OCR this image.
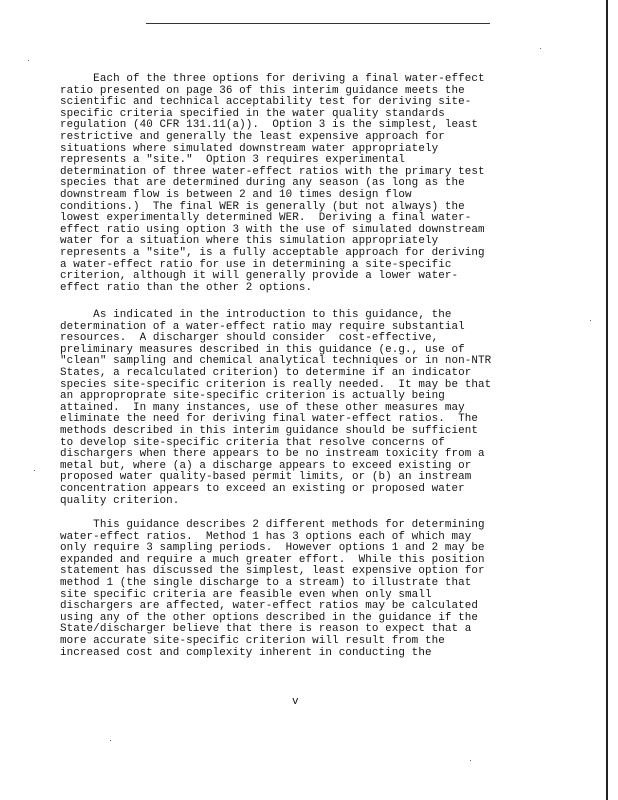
Each of the three options for deriving a final water-effect
ratio presented on page 36 of this interim guidance meets the
scientific and technical acceptability test for deriving site-
specific criteria specified in the water quality standards
regulation (40 CFR 131.11(a)).  Option 3 is the simplest, least
restrictive and generally the least expensive approach for
situations where simulated downstream water appropriately
represents a "site."  Option 3 requires experimental
determination of three water-effect ratios with the primary test
species that are determined during any season (as long as the
downstream flow is between 2 and 10 times design flow
conditions.)  The final WER is generally (but not always) the
lowest experimentally determined WER.  Deriving a final water-
effect ratio using option 3 with the use of simulated downstream
water for a situation where this simulation appropriately
represents a "site", is a fully acceptable approach for deriving
a water-effect ratio for use in determining a site-specific
criterion, although it will generally provide a lower water-
effect ratio than the other 2 options.
As indicated in the introduction to this guidance, the
determination of a water-effect ratio may require substantial
resources.  A discharger should consider  cost-effective,
preliminary measures described in this guidance (e.g., use of
"clean" sampling and chemical analytical techniques or in non-NTR
States, a recalculated criterion) to determine if an indicator
species site-specific criterion is really needed.  It may be that
an approproprate site-specific criterion is actually being
attained.  In many instances, use of these other measures may
eliminate the need for deriving final water-effect ratios.  The
methods described in this interim guidance should be sufficient
to develop site-specific criteria that resolve concerns of
dischargers when there appears to be no instream toxicity from a
metal but, where (a) a discharge appears to exceed existing or
proposed water quality-based permit limits, or (b) an instream
concentration appears to exceed an existing or proposed water
quality criterion.
This guidance describes 2 different methods for determining
water-effect ratios.  Method 1 has 3 options each of which may
only require 3 sampling periods.  However options 1 and 2 may be
expanded and require a much greater effort.  While this position
statement has discussed the simplest, least expensive option for
method 1 (the single discharge to a stream) to illustrate that
site specific criteria are feasible even when only small
dischargers are affected, water-effect ratios may be calculated
using any of the other options described in the guidance if the
State/discharger believe that there is reason to expect that a
more accurate site-specific criterion will result from the
increased cost and complexity inherent in conducting the
v
